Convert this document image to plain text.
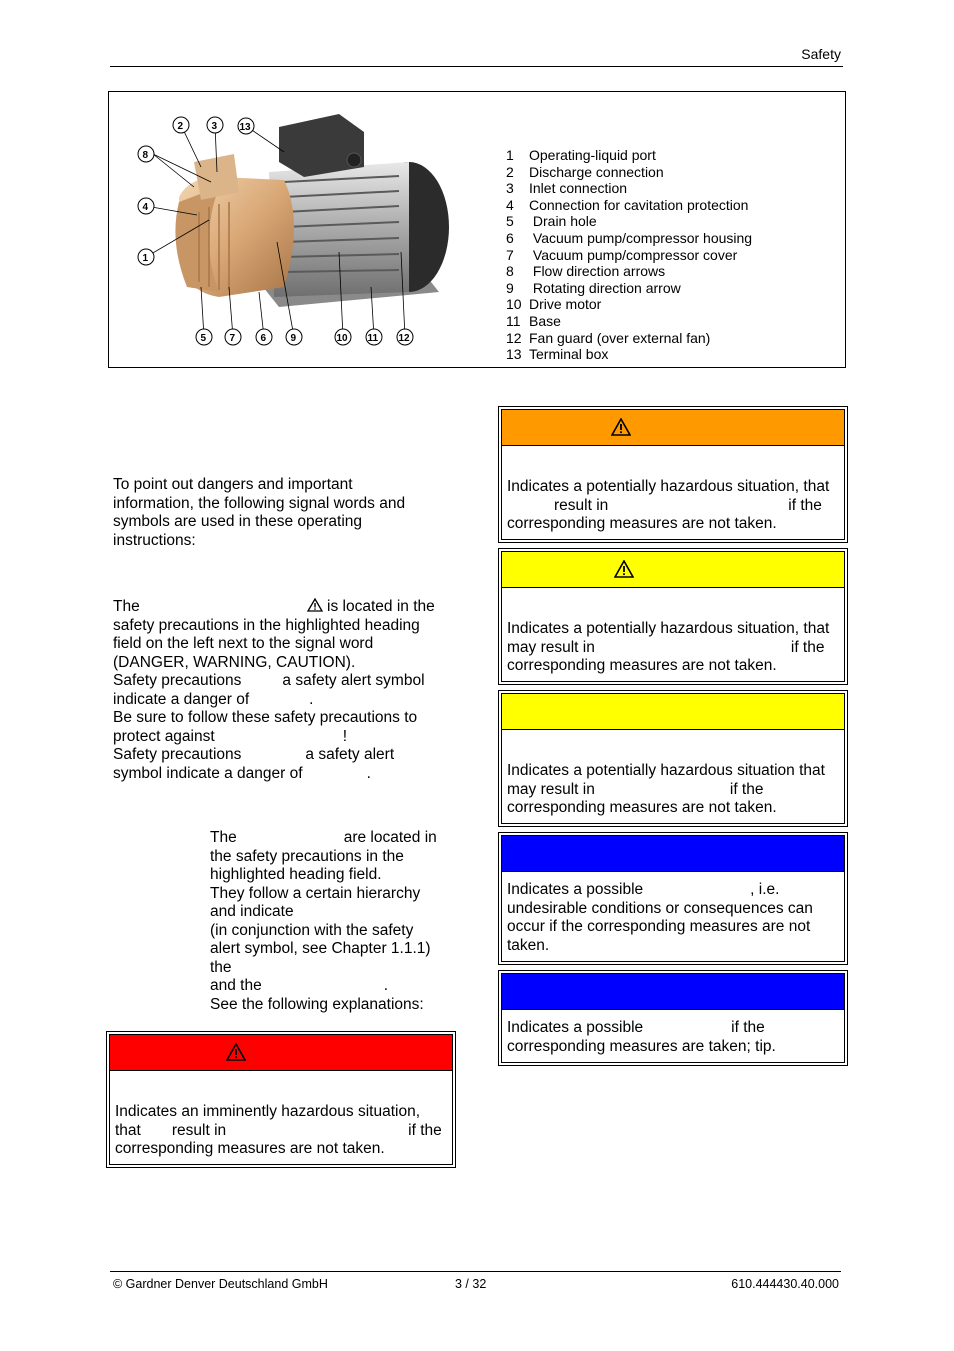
Safety
2	3 13
8
4
1
5 7	6 9	10 11 12
1 Operating-liquid port
2 Discharge connection
3 Inlet connection
4 Connection for cavitation protection
5 Drain hole
6 Vacuum pump/compressor housing
7 Vacuum pump/compressor cover
8 Flow direction arrows
9 Rotating direction arrow
10 Drive motor
11 Base
12 Fan guard (over external fan)
13 Terminal box

To point out dangers and important

information, the following signal words and

symbols are used in these operating

instructions:

The	is located in the

safety precautions in the highlighted heading

field on the left next to the signal word

(DANGER, WARNING, CAUTION).

Safety precautions	a safety alert symbol

indicate a danger of	.

Be sure to follow these safety precautions to

protect against	!

Safety precautions	a safety alert

symbol indicate a danger of	.

The	are located in

the safety precautions in the

highlighted heading field.

They follow a certain hierarchy

and indicate

(in conjunction with the safety

alert symbol, see Chapter 1.1.1)

the

and the	.

See the following explanations:

Indicates an imminently hazardous situation,
that result in	if the
corresponding measures are not taken.
Indicates a potentially hazardous situation, that
result in	if the
corresponding measures are not taken.
Indicates a potentially hazardous situation, that
may result in	if the
corresponding measures are not taken.
Indicates a potentially hazardous situation that
may result in	if the
corresponding measures are not taken.
Indicates a possible	, i.e.
undesirable conditions or consequences can
occur if the corresponding measures are not
taken.
Indicates a possible	if the
corresponding measures are taken; tip.
© Gardner Denver Deutschland GmbH	3 / 32	610.444430.40.000
